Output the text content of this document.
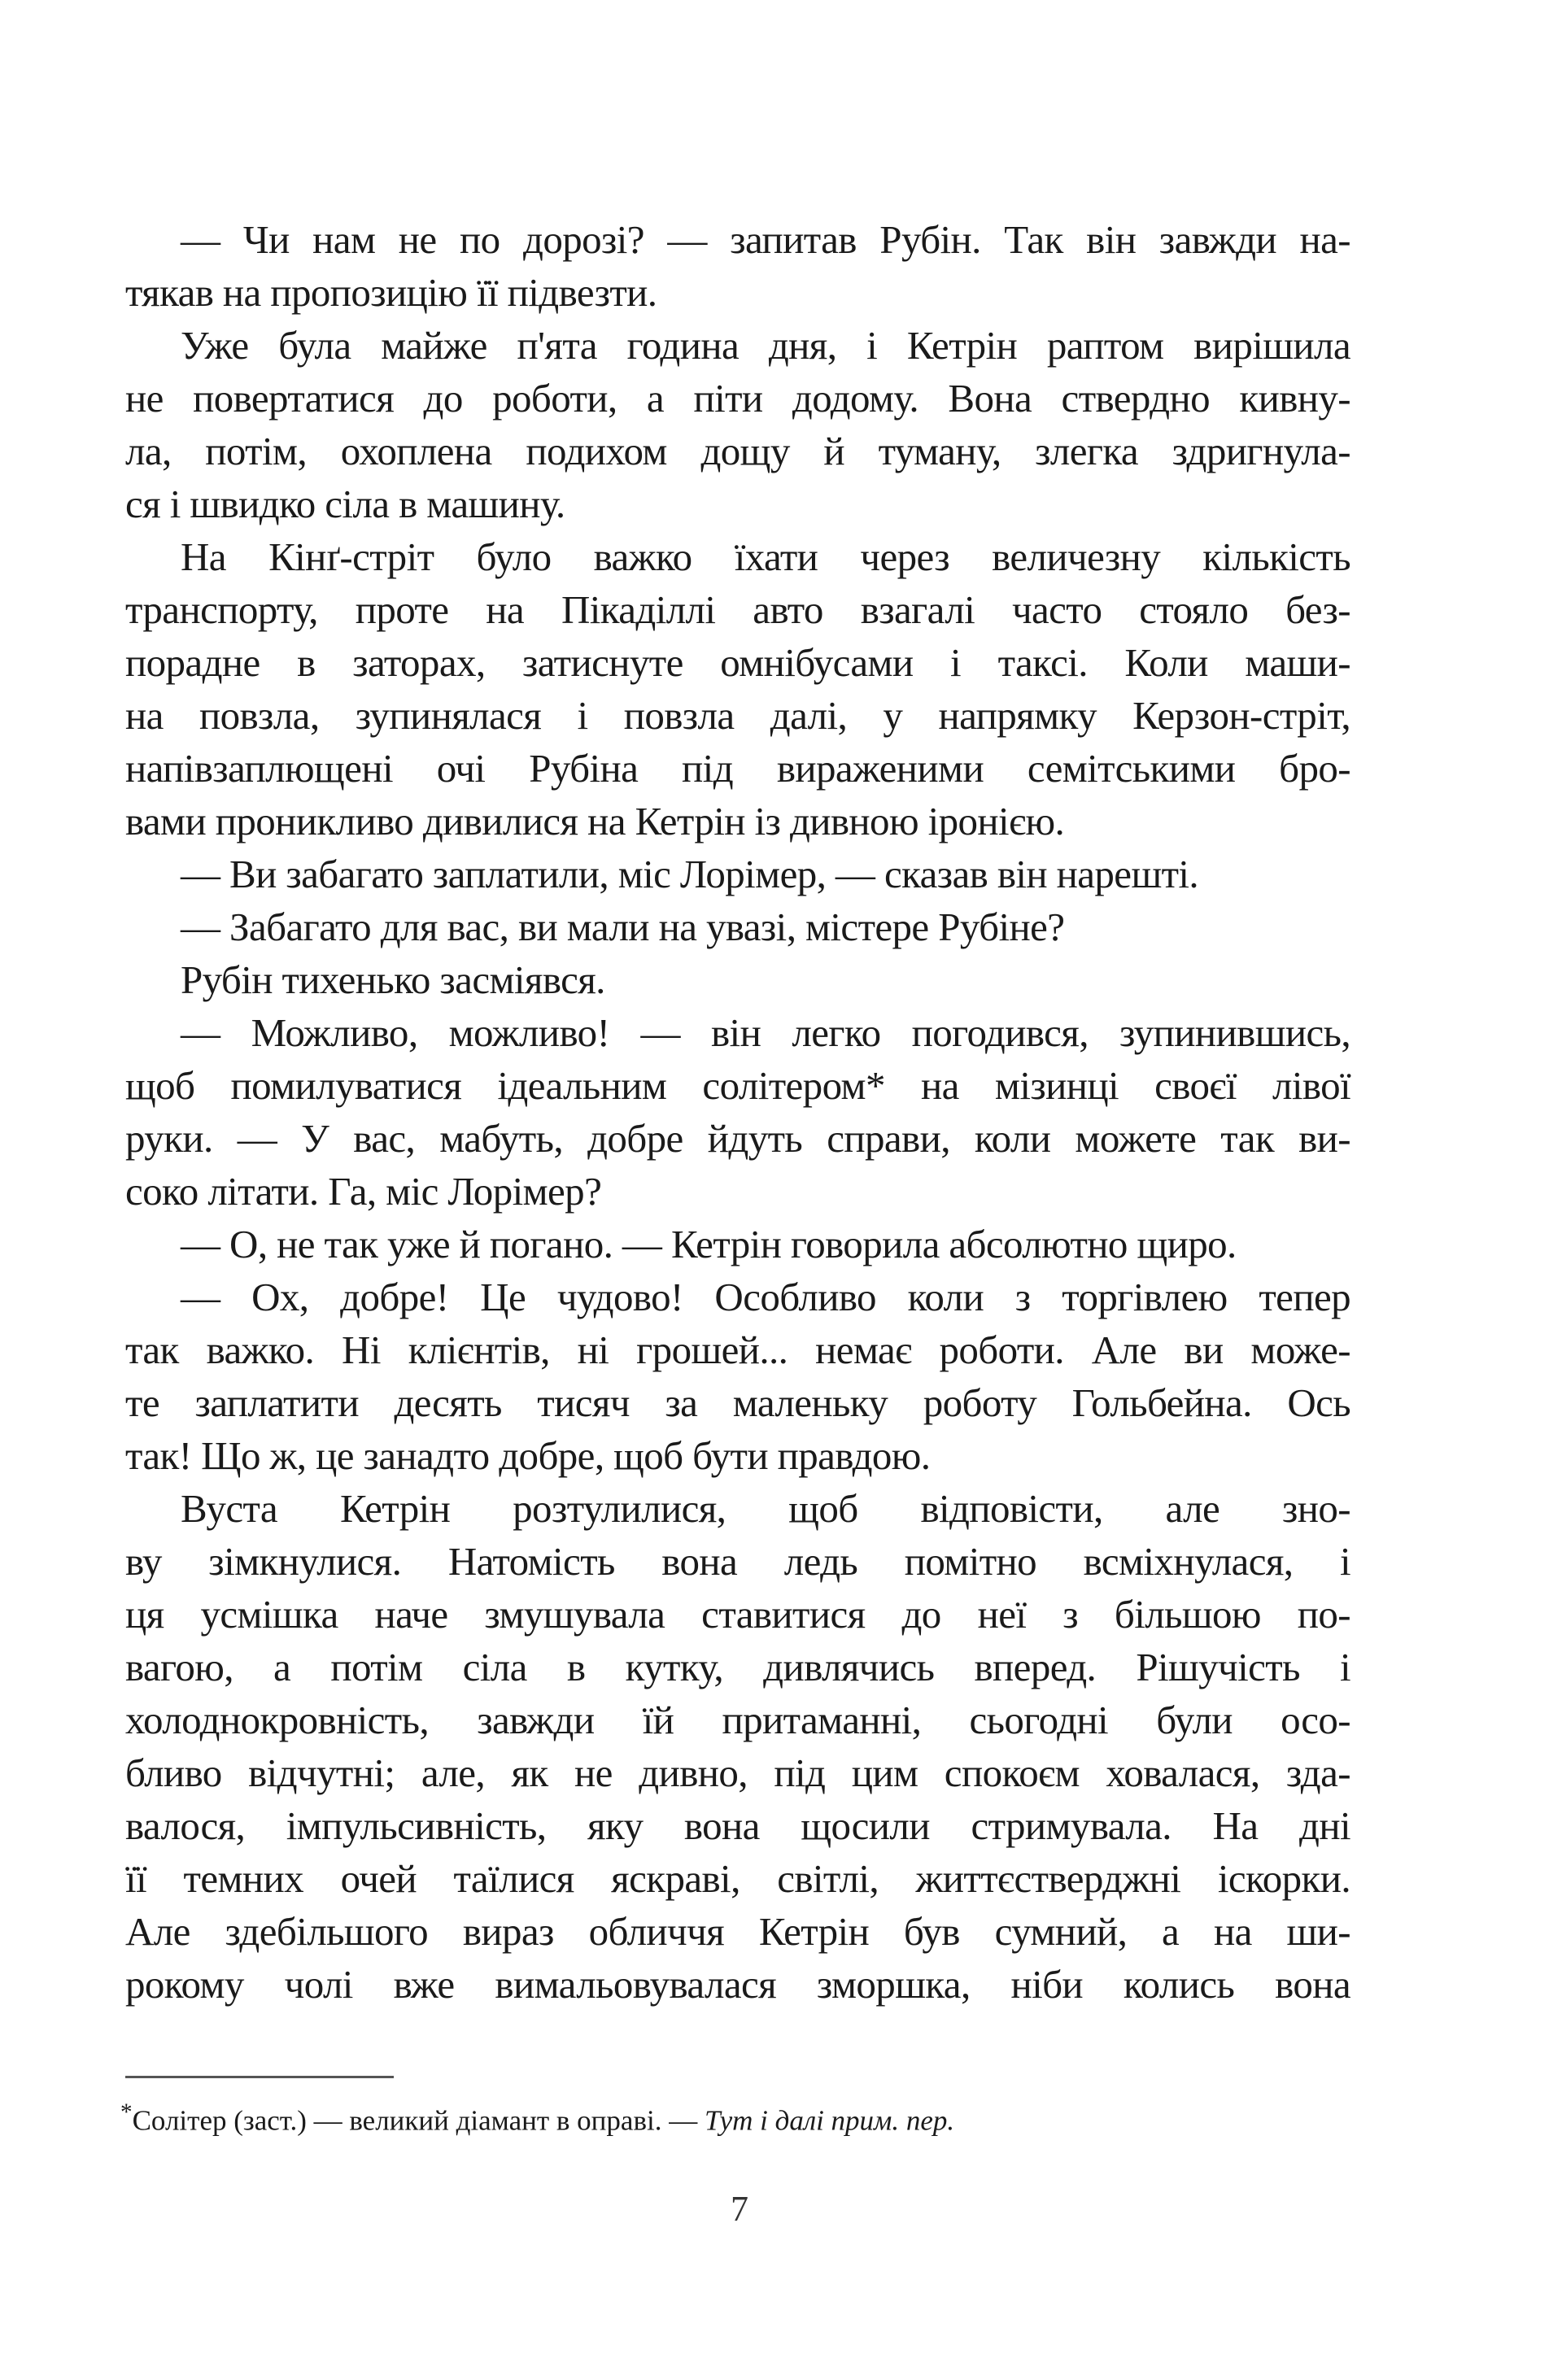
— Чи нам не по дорозі? — запитав Рубін. Так він завжди на-
тякав на пропозицію її підвезти.
Уже була майже п'ята година дня, і Кетрін раптом вирішила
не повертатися до роботи, а піти додому. Вона ствердно кивну-
ла, потім, охоплена подихом дощу й туману, злегка здригнула-
ся і швидко сіла в машину.
На Кінґ-стріт було важко їхати через величезну кількість
транспорту, проте на Пікаділлі авто взагалі часто стояло без-
порадне в заторах, затиснуте омнібусами і таксі. Коли маши-
на повзла, зупинялася і повзла далі, у напрямку Керзон-стріт,
напівзаплющені очі Рубіна під вираженими семітськими бро-
вами проникливо дивилися на Кетрін із дивною іронією.
— Ви забагато заплатили, міс Лорімер, — сказав він нарешті.
— Забагато для вас, ви мали на увазі, містере Рубіне?
Рубін тихенько засміявся.
— Можливо, можливо! — він легко погодився, зупинившись,
щоб помилуватися ідеальним солітером* на мізинці своєї лівої
руки. — У вас, мабуть, добре йдуть справи, коли можете так ви-
соко літати. Га, міс Лорімер?
— О, не так уже й погано. — Кетрін говорила абсолютно щиро.
— Ох, добре! Це чудово! Особливо коли з торгівлею тепер
так важко. Ні клієнтів, ні грошей... немає роботи. Але ви може-
те заплатити десять тисяч за маленьку роботу Гольбейна. Ось
так! Що ж, це занадто добре, щоб бути правдою.
Вуста Кетрін розтулилися, щоб відповісти, але зно-
ву зімкнулися. Натомість вона ледь помітно всміхнулася, і
ця усмішка наче змушувала ставитися до неї з більшою по-
вагою, а потім сіла в кутку, дивлячись вперед. Рішучість і
холоднокровність, завжди їй притаманні, сьогодні були осо-
бливо відчутні; але, як не дивно, під цим спокоєм ховалася, зда-
валося, імпульсивність, яку вона щосили стримувала. На дні
її темних очей таїлися яскраві, світлі, життєстверджні іскорки.
Але здебільшого вираз обличчя Кетрін був сумний, а на ши-
рокому чолі вже вимальовувалася зморшка, ніби колись вона
*Солітер (заст.) — великий діамант в оправі. — Тут і далі прим. пер.
7
